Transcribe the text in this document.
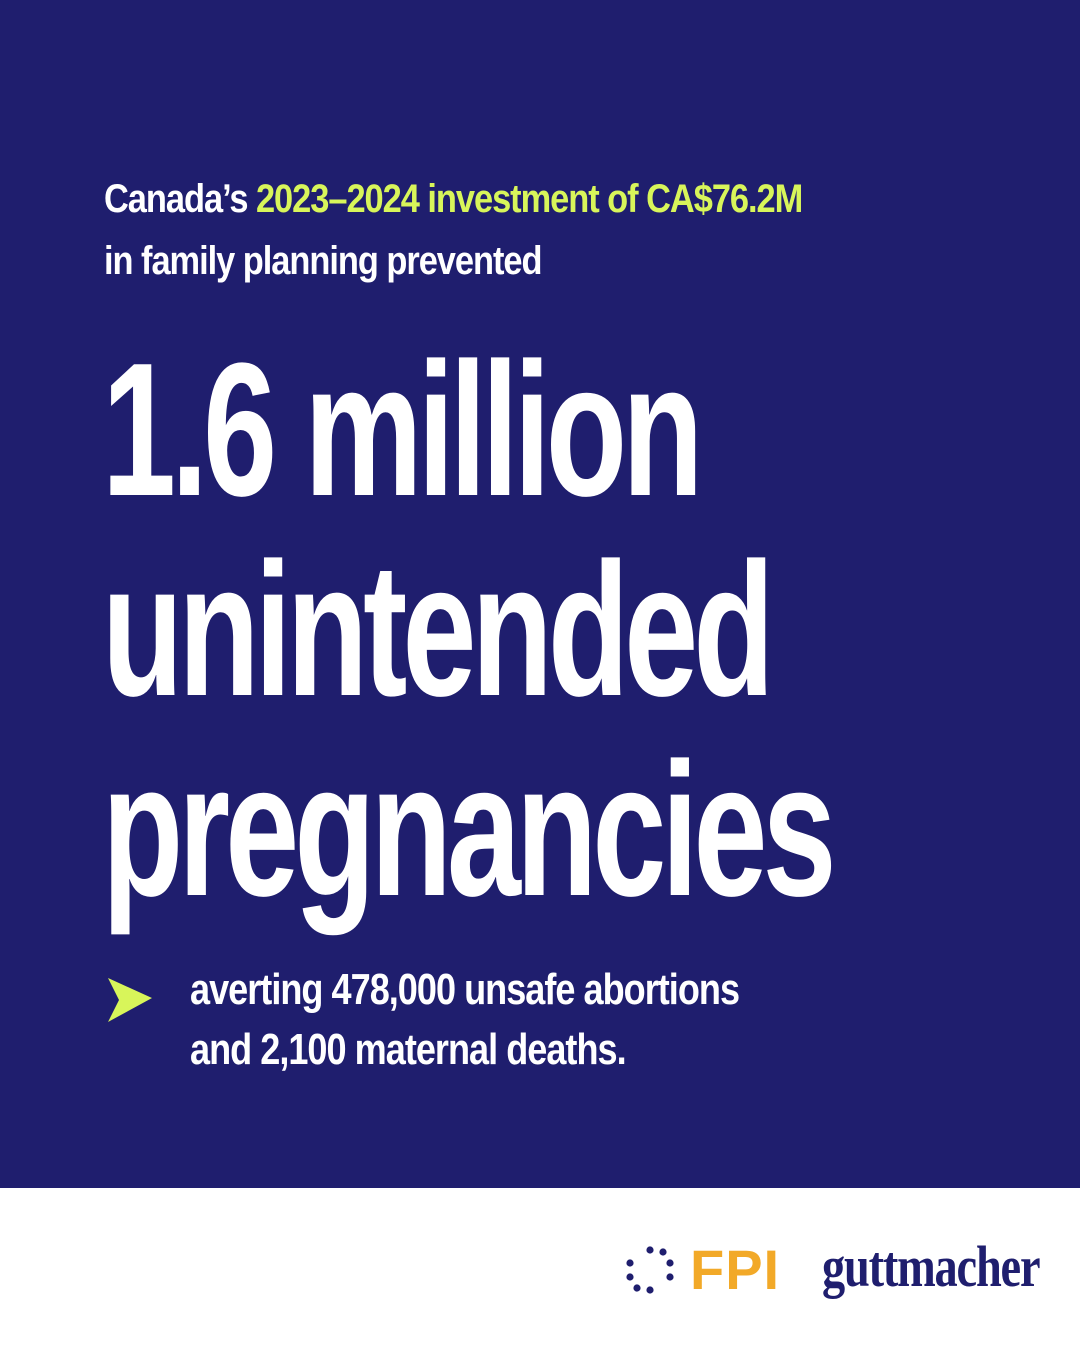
Canada’s 2023–2024 investment of CA$76.2M
in family planning prevented
1.6 million
unintended
pregnancies
averting 478,000 unsafe abortions
and 2,100 maternal deaths.
FPI guttmacher
